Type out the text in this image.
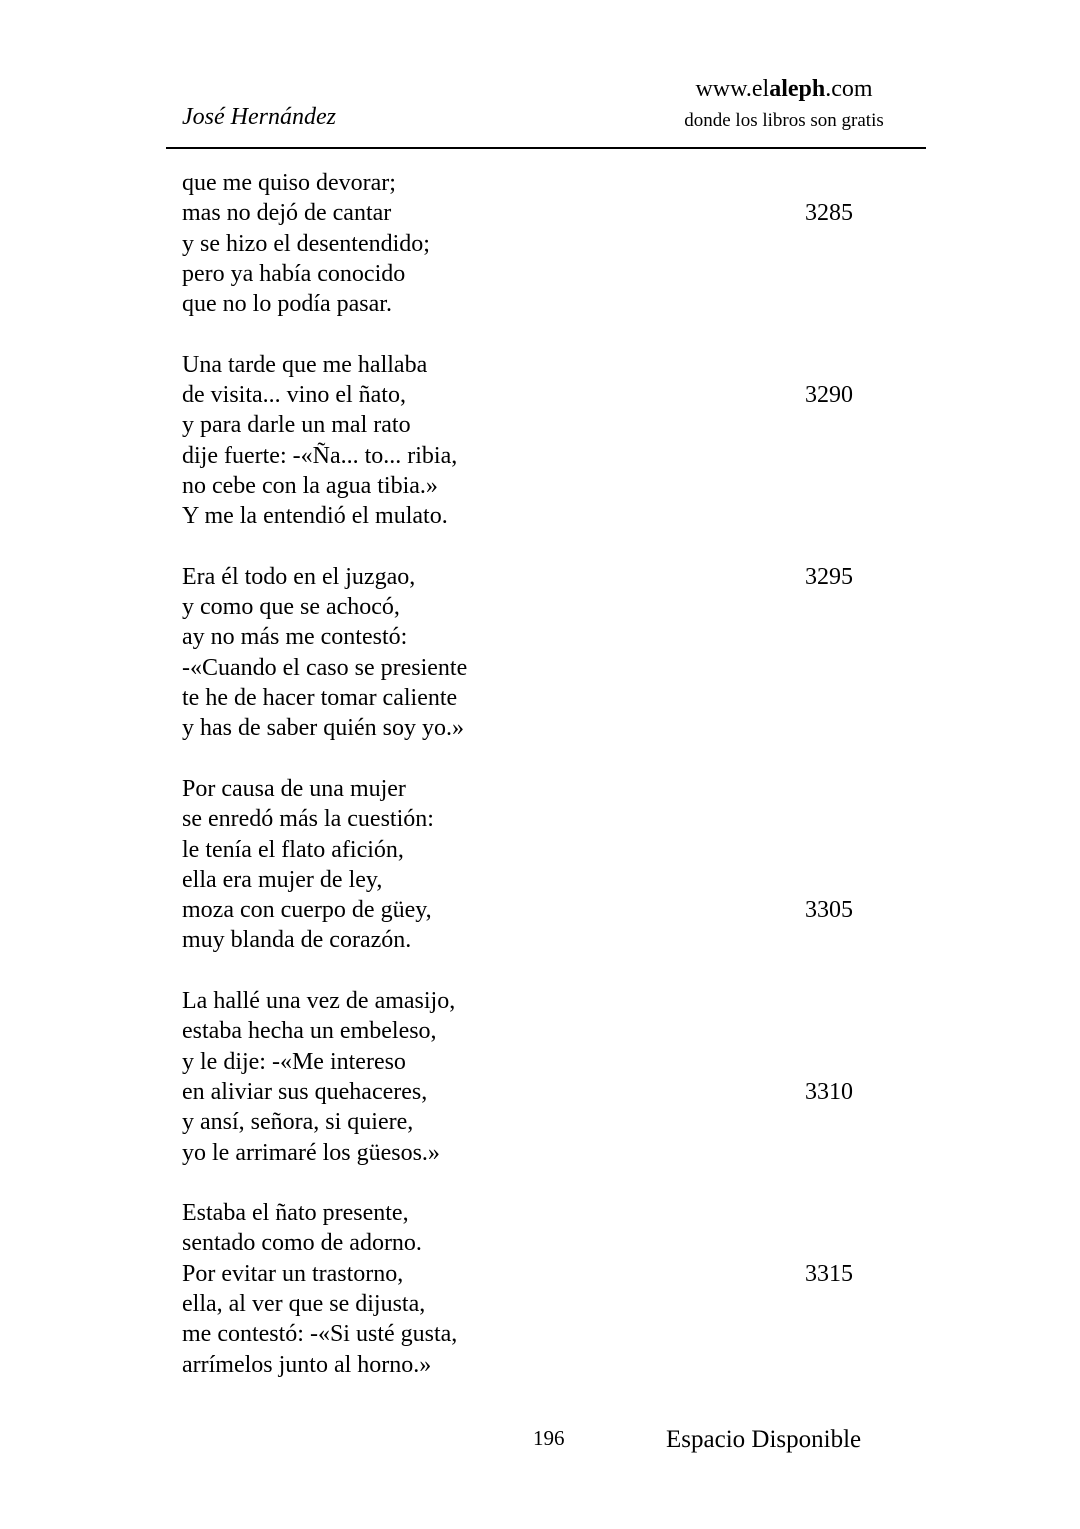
José Hernández
www.elaleph.com
donde los libros son gratis
que me quiso devorar;
mas no dejó de cantar	3285
y se hizo el desentendido;
pero ya había conocido
que no lo podía pasar.
Una tarde que me hallaba
de visita... vino el ñato,	3290
y para darle un mal rato
dije fuerte: -«Ña... to... ribia,
no cebe con la agua tibia.»
Y me la entendió el mulato.
Era él todo en el juzgao,	3295
y como que se achocó,
ay no más me contestó:
-«Cuando el caso se presiente
te he de hacer tomar caliente
y has de saber quién soy yo.»
Por causa de una mujer
se enredó más la cuestión:
le tenía el flato afición,
ella era mujer de ley,
moza con cuerpo de güey,	3305
muy blanda de corazón.
La hallé una vez de amasijo,
estaba hecha un embeleso,
y le dije: -«Me intereso
en aliviar sus quehaceres,	3310
y ansí, señora, si quiere,
yo le arrimaré los güesos.»
Estaba el ñato presente,
sentado como de adorno.
Por evitar un trastorno,	3315
ella, al ver que se dijusta,
me contestó: -«Si usté gusta,
arrímelos junto al horno.»
196	Espacio Disponible
